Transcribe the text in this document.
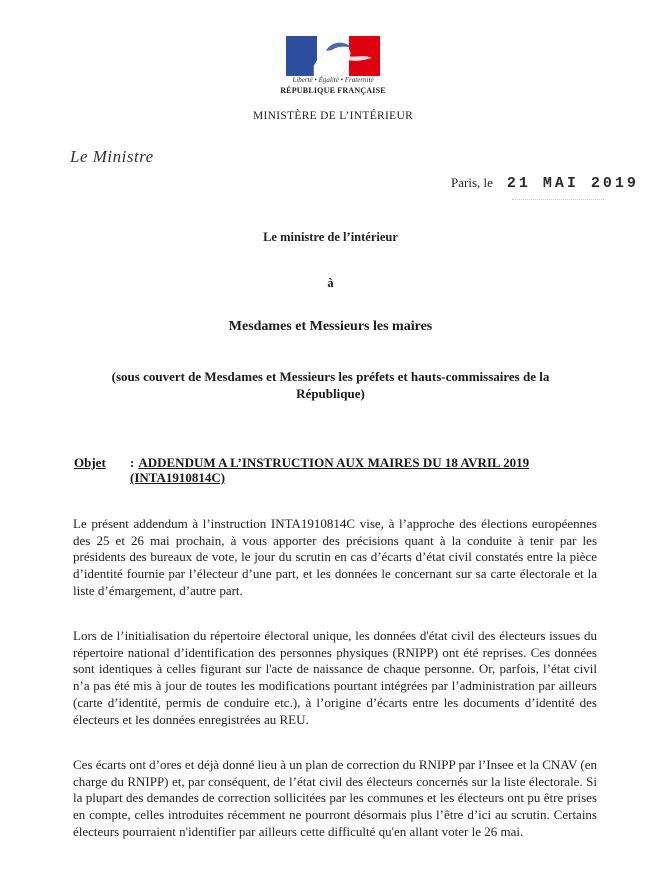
Liberté • Égalité • Fraternité
RÉPUBLIQUE FRANÇAISE
MINISTÈRE DE L’INTÉRIEUR
Le Ministre
Paris, le 21 MAI 2019
Le ministre de l’intérieur
à
Mesdames et Messieurs les maires
(sous couvert de Mesdames et Messieurs les préfets et hauts-commissaires de la République)
Objet : ADDENDUM A L’INSTRUCTION AUX MAIRES DU 18 AVRIL 2019 (INTA1910814C)
Le présent addendum à l’instruction INTA1910814C vise, à l’approche des élections européennes des 25 et 26 mai prochain, à vous apporter des précisions quant à la conduite à tenir par les présidents des bureaux de vote, le jour du scrutin en cas d’écarts d’état civil constatés entre la pièce d’identité fournie par l’électeur d’une part, et les données le concernant sur sa carte électorale et la liste d’émargement, d’autre part.
Lors de l’initialisation du répertoire électoral unique, les données d'état civil des électeurs issues du répertoire national d’identification des personnes physiques (RNIPP) ont été reprises. Ces données sont identiques à celles figurant sur l'acte de naissance de chaque personne. Or, parfois, l’état civil n’a pas été mis à jour de toutes les modifications pourtant intégrées par l’administration par ailleurs (carte d’identité, permis de conduire etc.), à l’origine d’écarts entre les documents d’identité des électeurs et les données enregistrées au REU.
Ces écarts ont d’ores et déjà donné lieu à un plan de correction du RNIPP par l’Insee et la CNAV (en charge du RNIPP) et, par conséquent, de l’état civil des électeurs concernés sur la liste électorale. Si la plupart des demandes de correction sollicitées par les communes et les électeurs ont pu être prises en compte, celles introduites récemment ne pourront désormais plus l’être d’ici au scrutin. Certains électeurs pourraient n'identifier par ailleurs cette difficulté qu'en allant voter le 26 mai.
